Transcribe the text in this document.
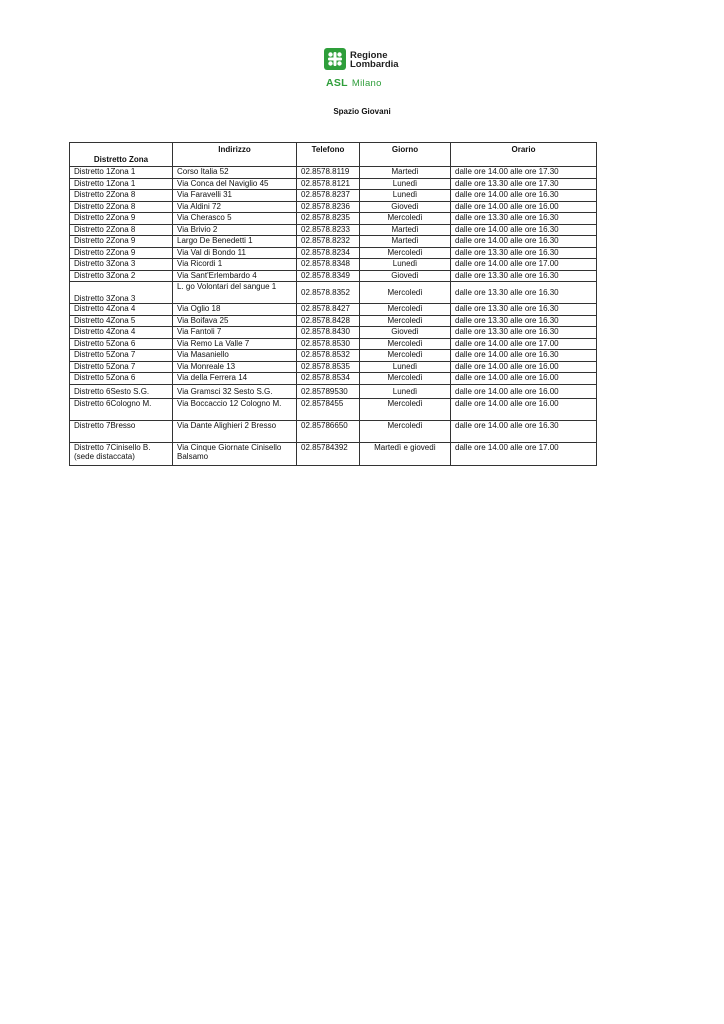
Regione
Lombardia
ASL Milano
Spazio Giovani
Distretto Zona	Indirizzo	Telefono	Giorno	Orario
Distretto 1Zona 1	Corso Italia 52	02.8578.8119	Martedì	dalle ore 14.00 alle ore 17.30
Distretto 1Zona 1	Via Conca del Naviglio 45	02.8578.8121	Lunedì	dalle ore 13.30 alle ore 17.30
Distretto 2Zona 8	Via Faravelli 31	02.8578.8237	Lunedì	dalle ore 14.00 alle ore 16.30
Distretto 2Zona 8	Via Aldini 72	02.8578.8236	Giovedì	dalle ore 14.00 alle ore 16.00
Distretto 2Zona 9	Via Cherasco 5	02.8578.8235	Mercoledì	dalle ore 13.30 alle ore 16.30
Distretto 2Zona 8	Via Brivio 2	02.8578.8233	Martedì	dalle ore 14.00 alle ore 16.30
Distretto 2Zona 9	Largo De Benedetti 1	02.8578.8232	Martedì	dalle ore 14.00 alle ore 16.30
Distretto 2Zona 9	Via Val di Bondo 11	02.8578.8234	Mercoledì	dalle ore 13.30 alle ore 16.30
Distretto 3Zona 3	Via Ricordi 1	02.8578.8348	Lunedì	dalle ore 14.00 alle ore 17.00
Distretto 3Zona 2	Via Sant'Erlembardo 4	02.8578.8349	Giovedì	dalle ore 13.30 alle ore 16.30
Distretto 3Zona 3	L. go Volontari del sangue 1	02.8578.8352	Mercoledì	dalle ore 13.30 alle ore 16.30
Distretto 4Zona 4	Via Oglio 18	02.8578.8427	Mercoledì	dalle ore 13.30 alle ore 16.30
Distretto 4Zona 5	Via Boifava 25	02.8578.8428	Mercoledì	dalle ore 13.30 alle ore 16.30
Distretto 4Zona 4	Via Fantoli 7	02.8578.8430	Giovedì	dalle ore 13.30 alle ore 16.30
Distretto 5Zona 6	Via Remo La Valle 7	02.8578.8530	Mercoledì	dalle ore 14.00 alle ore 17.00
Distretto 5Zona 7	Via Masaniello	02.8578.8532	Mercoledì	dalle ore 14.00 alle ore 16.30
Distretto 5Zona 7	Via Monreale 13	02.8578.8535	Lunedì	dalle ore 14.00 alle ore 16.00
Distretto 5Zona 6	Via della Ferrera 14	02.8578.8534	Mercoledì	dalle ore 14.00 alle ore 16.00
Distretto 6Sesto S.G.	Via Gramsci 32 Sesto S.G.	02.85789530	Lunedì	dalle ore 14.00 alle ore 16.00
Distretto 6Cologno M.	Via Boccaccio 12 Cologno M.	02.8578455	Mercoledì	dalle ore 14.00 alle ore 16.00
Distretto 7Bresso	Via Dante Alighieri 2 Bresso	02.85786650	Mercoledì	dalle ore 14.00 alle ore 16.30
Distretto 7Cinisello B. (sede distaccata)	Via Cinque Giornate Cinisello Balsamo	02.85784392	Martedì e giovedì	dalle ore 14.00 alle ore 17.00
